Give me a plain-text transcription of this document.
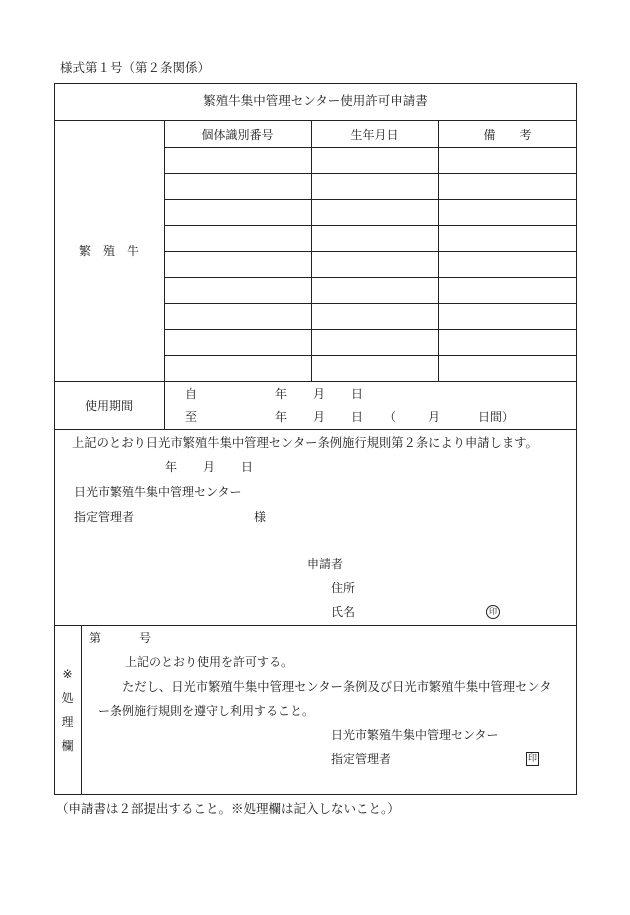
様式第１号（第２条関係）
繁殖牛集中管理センター使用許可申請書
繁　殖　牛
個体識別番号	生年月日	備　　考
使用期間
自	年 月 日
至	年 月 日 （	月	日間）
上記のとおり日光市繁殖牛集中管理センター条例施行規則第２条により申請します。
年 月 日
日光市繁殖牛集中管理センター
指定管理者	様
申請者
住所
氏名	印
※
処
理
欄
第	号
上記のとおり使用を許可する。
ただし、日光市繁殖牛集中管理センター条例及び日光市繁殖牛集中管理センタ
ー条例施行規則を遵守し利用すること。
日光市繁殖牛集中管理センター
指定管理者	印
（申請書は２部提出すること。※処理欄は記入しないこと。）
